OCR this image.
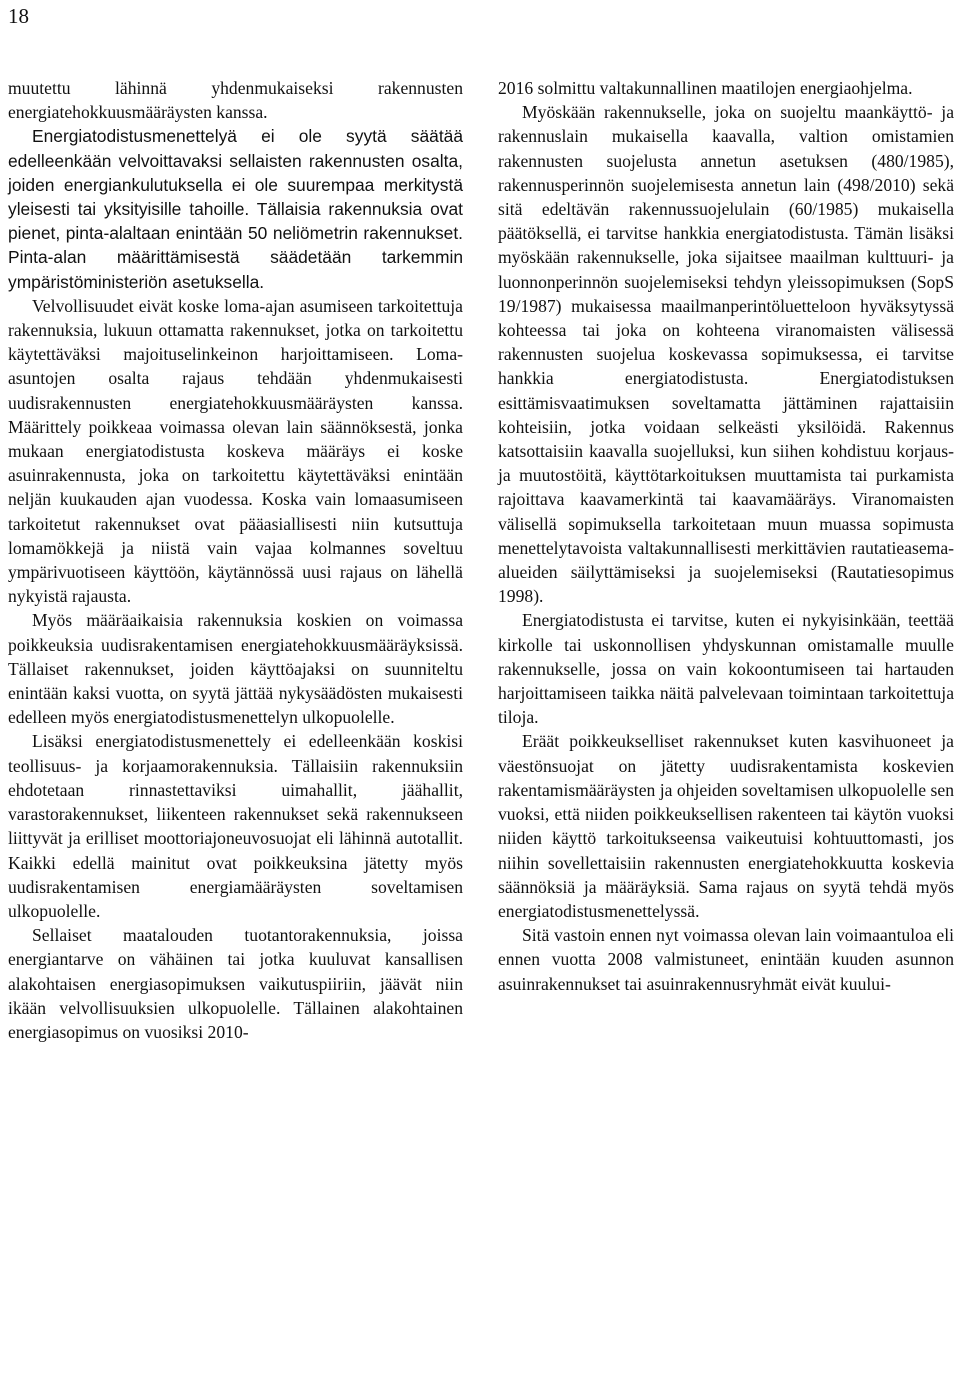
18

muutettu lähinnä yhdenmukaiseksi rakennusten energiatehokkuusmääräysten kanssa.

Energiatodistusmenettelyä ei ole syytä säätää edelleenkään velvoittavaksi sellaisten rakennusten osalta, joiden energiankulutuksella ei ole suurempaa merkitystä yleisesti tai yksityisille tahoille. Tällaisia rakennuksia ovat pienet, pinta-alaltaan enintään 50 neliömetrin rakennukset. Pinta-alan määrittämisestä säädetään tarkemmin ympäristöministeriön asetuksella.

Velvollisuudet eivät koske loma-ajan asumiseen tarkoitettuja rakennuksia, lukuun ottamatta rakennukset, jotka on tarkoitettu käytettäväksi majoituselinkeinon harjoittamiseen. Loma-asuntojen osalta rajaus tehdään yhdenmukaisesti uudisrakennusten energiatehokkuusmääräysten kanssa. Määrittely poikkeaa voimassa olevan lain säännöksestä, jonka mukaan energiatodistusta koskeva määräys ei koske asuinrakennusta, joka on tarkoitettu käytettäväksi enintään neljän kuukauden ajan vuodessa. Koska vain lomaasumiseen tarkoitetut rakennukset ovat pääasiallisesti niin kutsuttuja lomamökkejä ja niistä vain vajaa kolmannes soveltuu ympärivuotiseen käyttöön, käytännössä uusi rajaus on lähellä nykyistä rajausta.

Myös määräaikaisia rakennuksia koskien on voimassa poikkeuksia uudisrakentamisen energiatehokkuusmääräyksissä. Tällaiset rakennukset, joiden käyttöajaksi on suunniteltu enintään kaksi vuotta, on syytä jättää nykysäädösten mukaisesti edelleen myös energiatodistusmenettelyn ulkopuolelle.

Lisäksi energiatodistusmenettely ei edelleenkään koskisi teollisuus- ja korjaamorakennuksia. Tällaisiin rakennuksiin ehdotetaan rinnastettaviksi uimahallit, jäähallit, varastorakennukset, liikenteen rakennukset sekä rakennukseen liittyvät ja erilliset moottoriajoneuvosuojat eli lähinnä autotallit. Kaikki edellä mainitut ovat poikkeuksina jätetty myös uudisrakentamisen energiamääräysten soveltamisen ulkopuolelle.

Sellaiset maatalouden tuotantorakennuksia, joissa energiantarve on vähäinen tai jotka kuuluvat kansallisen alakohtaisen energiasopimuksen vaikutuspiiriin, jäävät niin ikään velvollisuuksien ulkopuolelle. Tällainen alakohtainen energiasopimus on vuosiksi 2010-

2016 solmittu valtakunnallinen maatilojen energiaohjelma.

Myöskään rakennukselle, joka on suojeltu maankäyttö- ja rakennuslain mukaisella kaavalla, valtion omistamien rakennusten suojelusta annetun asetuksen (480/1985), rakennusperinnön suojelemisesta annetun lain (498/2010) sekä sitä edeltävän rakennussuojelulain (60/1985) mukaisella päätöksellä, ei tarvitse hankkia energiatodistusta. Tämän lisäksi myöskään rakennukselle, joka sijaitsee maailman kulttuuri- ja luonnonperinnön suojelemiseksi tehdyn yleissopimuksen (SopS 19/1987) mukaisessa maailmanperintöluetteloon hyväksytyssä kohteessa tai joka on kohteena viranomaisten välisessä rakennusten suojelua koskevassa sopimuksessa, ei tarvitse hankkia energiatodistusta. Energiatodistuksen esittämisvaatimuksen soveltamatta jättäminen rajattaisiin kohteisiin, jotka voidaan selkeästi yksilöidä. Rakennus katsottaisiin kaavalla suojelluksi, kun siihen kohdistuu korjaus- ja muutostöitä, käyttötarkoituksen muuttamista tai purkamista rajoittava kaavamerkintä tai kaavamääräys. Viranomaisten välisellä sopimuksella tarkoitetaan muun muassa sopimusta menettelytavoista valtakunnallisesti merkittävien rautatieasema-alueiden säilyttämiseksi ja suojelemiseksi (Rautatiesopimus 1998).

Energiatodistusta ei tarvitse, kuten ei nykyisinkään, teettää kirkolle tai uskonnollisen yhdyskunnan omistamalle muulle rakennukselle, jossa on vain kokoontumiseen tai hartauden harjoittamiseen taikka näitä palvelevaan toimintaan tarkoitettuja tiloja.

Eräät poikkeukselliset rakennukset kuten kasvihuoneet ja väestönsuojat on jätetty uudisrakentamista koskevien rakentamismääräysten ja ohjeiden soveltamisen ulkopuolelle sen vuoksi, että niiden poikkeuksellisen rakenteen tai käytön vuoksi niiden käyttö tarkoitukseensa vaikeutuisi kohtuuttomasti, jos niihin sovellettaisiin rakennusten energiatehokkuutta koskevia säännöksiä ja määräyksiä. Sama rajaus on syytä tehdä myös energiatodistusmenettelyssä.

Sitä vastoin ennen nyt voimassa olevan lain voimaantuloa eli ennen vuotta 2008 valmistuneet, enintään kuuden asunnon asuinrakennukset tai asuinrakennusryhmät eivät kuului-
